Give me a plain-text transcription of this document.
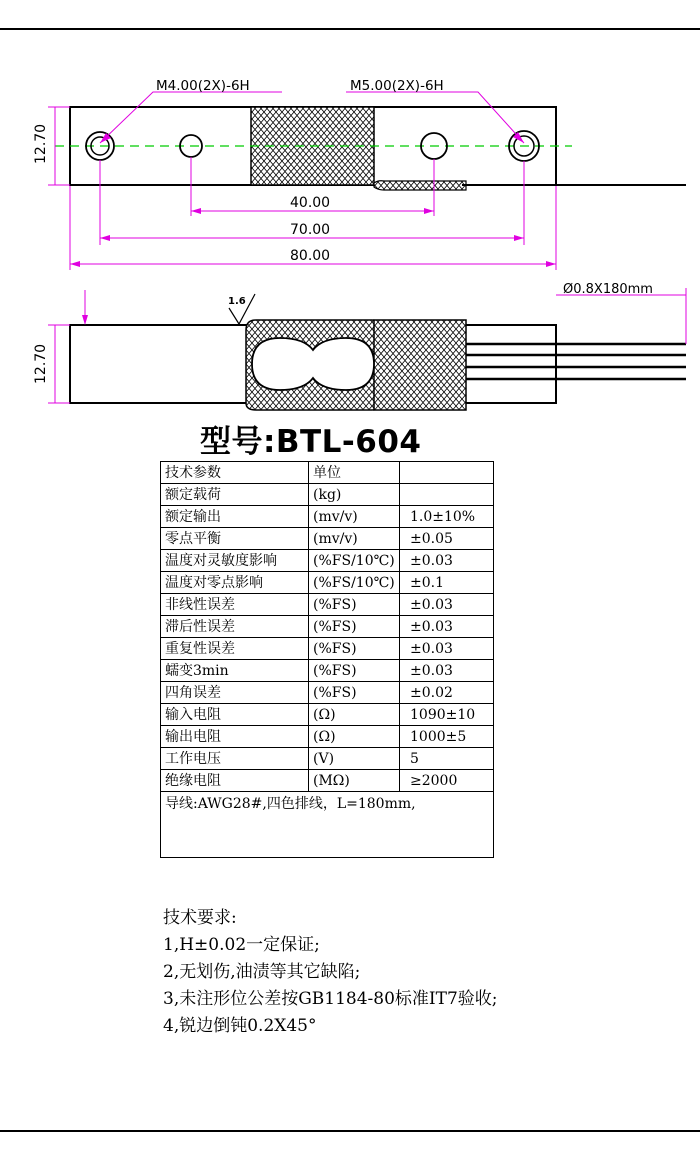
M4.00(2X)-6H	M5.00(2X)-6H
12.70
40.00
70.00
80.00
1.6
Ø0.8X180mm
12.70
型号:BTL-604
技术参数	单位	
额定载荷	(kg)	
额定输出	(mv/v)	1.0±10%
零点平衡	(mv/v)	±0.05
温度对灵敏度影响	(%FS/10℃)	±0.03
温度对零点影响	(%FS/10℃)	±0.1
非线性误差	(%FS)	±0.03
滞后性误差	(%FS)	±0.03
重复性误差	(%FS)	±0.03
蠕变3min	(%FS)	±0.03
四角误差	(%FS)	±0.02
输入电阻	(Ω)	1090±10
输出电阻	(Ω)	1000±5
工作电压	(V)	5
绝缘电阻	(MΩ)	≥2000
导线:AWG28#,四色排线，L=180mm,		
技术要求:
1,H±0.02一定保证;
2,无划伤,油渍等其它缺陷;
3,未注形位公差按GB1184-80标准IT7验收;
4,锐边倒钝0.2X45°
